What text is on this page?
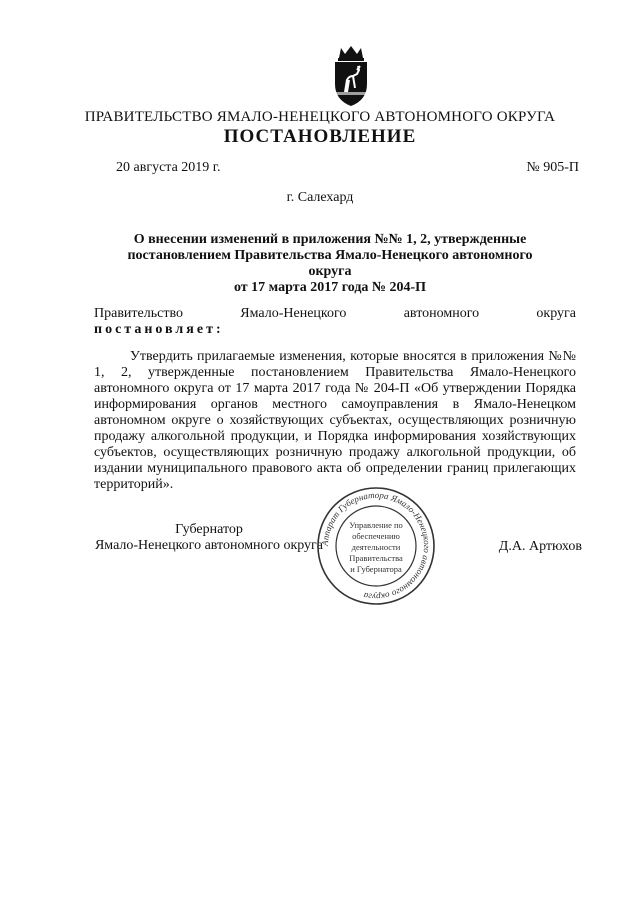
ПРАВИТЕЛЬСТВО ЯМАЛО-НЕНЕЦКОГО АВТОНОМНОГО ОКРУГА
ПОСТАНОВЛЕНИЕ
20 августа 2019 г.	№ 905-П
г. Салехард
О внесении изменений в приложения №№ 1, 2, утвержденные
постановлением Правительства Ямало-Ненецкого автономного округа
от 17 марта 2017 года № 204-П
Правительство Ямало-Ненецкого автономного округа
постановляет:
Утвердить прилагаемые изменения, которые вносятся в приложения №№ 1, 2, утвержденные постановлением Правительства Ямало-Ненецкого автономного округа от 17 марта 2017 года № 204-П «Об утверждении Порядка информирования органов местного самоуправления в Ямало-Ненецком автономном округе о хозяйствующих субъектах, осуществляющих розничную продажу алкогольной продукции, и Порядка информирования хозяйствующих субъектов, осуществляющих розничную продажу алкогольной продукции, об издании муниципального правового акта об определении границ прилегающих территорий».
Губернатор
Ямало-Ненецкого автономного округа
Аппарат Губернатора Ямало-Ненецкого автономного округа
Управление по
обеспечению
деятельности
Правительства
и Губернатора
Д.А. Артюхов
